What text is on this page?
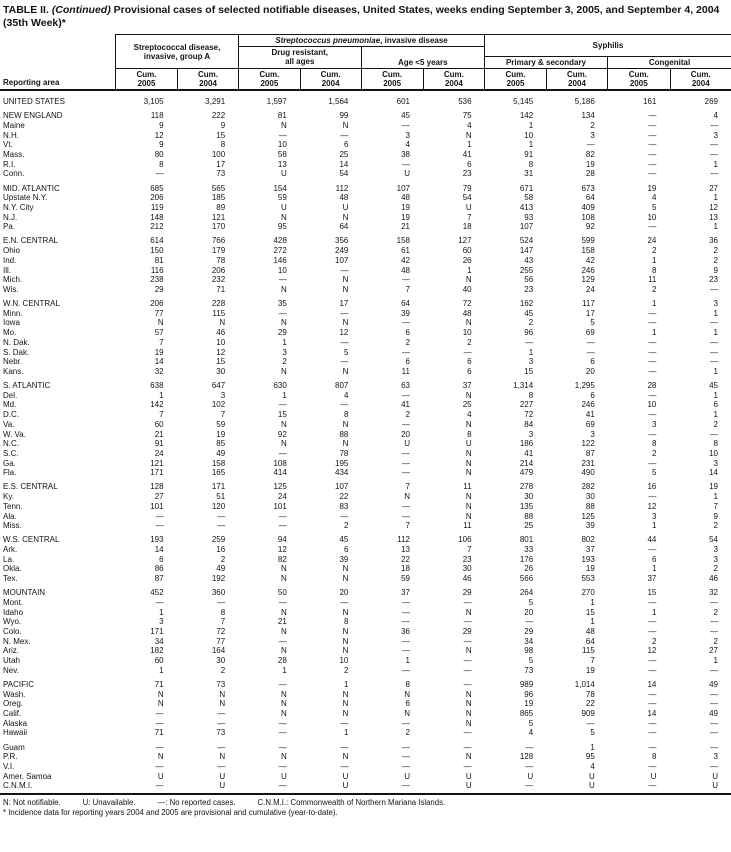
TABLE II. (Continued) Provisional cases of selected notifiable diseases, United States, weeks ending September 3, 2005, and September 4, 2004
(35th Week)*
Reporting area
Streptococcal disease,
invasive, group A
Cum.
2005
Cum.
2004
Streptococcus pneumoniae , invasive disease
Drug resistant,
all ages
Cum.
2005
Cum.
2004
Age <5 years
Cum.
2005
Cum.
2004
Syphilis
Primary & secondary
Cum.
2005
Cum.
2004
Congenital
Cum.
2005
Cum.
2004
UNITED STATES	3,105	3,291	1,597	1,564	601	536	5,145	5,186	161	269
NEW ENGLAND	118	222	81	99	45	75	142	134	—	4
Maine	9	9	N	N	—	4	1	2	—	—
N.H.	12	15	—	—	3	N	10	3	—	3
Vt.	9	8	10	6	4	1	1	—	—	—
Mass.	80	100	58	25	38	41	91	82	—	—
R.I.	8	17	13	14	—	6	8	19	—	1
Conn.	—	73	U	54	U	23	31	28	—	—
MID. ATLANTIC	685	565	154	112	107	79	671	673	19	27
Upstate N.Y.	206	185	59	48	48	54	58	64	4	1
N.Y. City	119	89	U	U	19	U	413	409	5	12
N.J.	148	121	N	N	19	7	93	108	10	13
Pa.	212	170	95	64	21	18	107	92	—	1
E.N. CENTRAL	614	766	428	356	158	127	524	599	24	36
Ohio	150	179	272	249	61	60	147	158	2	2
Ind.	81	78	146	107	42	26	43	42	1	2
Ill.	116	206	10	—	48	1	255	246	8	9
Mich.	238	232	—	N	—	N	56	129	11	23
Wis.	29	71	N	N	7	40	23	24	2	—
W.N. CENTRAL	206	228	35	17	64	72	162	117	1	3
Minn.	77	115	—	—	39	48	45	17	—	1
Iowa	N	N	N	N	—	N	2	5	—	—
Mo.	57	46	29	12	6	10	96	69	1	1
N. Dak.	7	10	1	—	2	2	—	—	—	—
S. Dak.	19	12	3	5	—	—	1	—	—	—
Nebr.	14	15	2	—	6	6	3	6	—	—
Kans.	32	30	N	N	11	6	15	20	—	1
S. ATLANTIC	638	647	630	807	63	37	1,314	1,295	28	45
Del.	1	3	1	4	—	N	8	6	—	1
Md.	142	102	—	—	41	25	227	246	10	6
D.C.	7	7	15	8	2	4	72	41	—	1
Va.	60	59	N	N	—	N	84	69	3	2
W. Va.	21	19	92	88	20	8	3	3	—	—
N.C.	91	85	N	N	U	U	186	122	8	8
S.C.	24	49	—	78	—	N	41	87	2	10
Ga.	121	158	108	195	—	N	214	231	—	3
Fla.	171	165	414	434	—	N	479	490	5	14
E.S. CENTRAL	128	171	125	107	7	11	278	282	16	19
Ky.	27	51	24	22	N	N	30	30	—	1
Tenn.	101	120	101	83	—	N	135	88	12	7
Ala.	—	—	—	—	—	N	88	125	3	9
Miss.	—	—	—	2	7	11	25	39	1	2
W.S. CENTRAL	193	259	94	45	112	106	801	802	44	54
Ark.	14	16	12	6	13	7	33	37	—	3
La.	6	2	82	39	22	23	176	193	6	3
Okla.	86	49	N	N	18	30	26	19	1	2
Tex.	87	192	N	N	59	46	566	553	37	46
MOUNTAIN	452	360	50	20	37	29	264	270	15	32
Mont.	—	—	—	—	—	—	5	1	—	—
Idaho	1	8	N	N	—	N	20	15	1	2
Wyo.	3	7	21	8	—	—	—	1	—	—
Colo.	171	72	N	N	36	29	29	48	—	—
N. Mex.	34	77	—	N	—	—	34	64	2	2
Ariz.	182	164	N	N	—	N	98	115	12	27
Utah	60	30	28	10	1	—	5	7	—	1
Nev.	1	2	1	2	—	—	73	19	—	—
PACIFIC	71	73	—	1	8	—	989	1,014	14	49
Wash.	N	N	N	N	N	N	96	78	—	—
Oreg.	N	N	N	N	6	N	19	22	—	—
Calif.	—	—	N	N	N	N	865	909	14	49
Alaska	—	—	—	—	—	N	5	—	—	—
Hawaii	71	73	—	1	2	—	4	5	—	—
Guam	—	—	—	—	—	—	—	1	—	—
P.R.	N	N	N	N	—	N	128	95	8	3
V.I.	—	—	—	—	—	—	—	4	—	—
Amer. Samoa	U	U	U	U	U	U	U	U	U	U
C.N.M.I.	—	U	—	U	—	U	—	U	—	U
N: Not notifiable.	U: Unavailable.	—: No reported cases.	C.N.M.I.: Commonwealth of Northern Mariana Islands.
* Incidence data for reporting years 2004 and 2005 are provisional and cumulative (year-to-date).
